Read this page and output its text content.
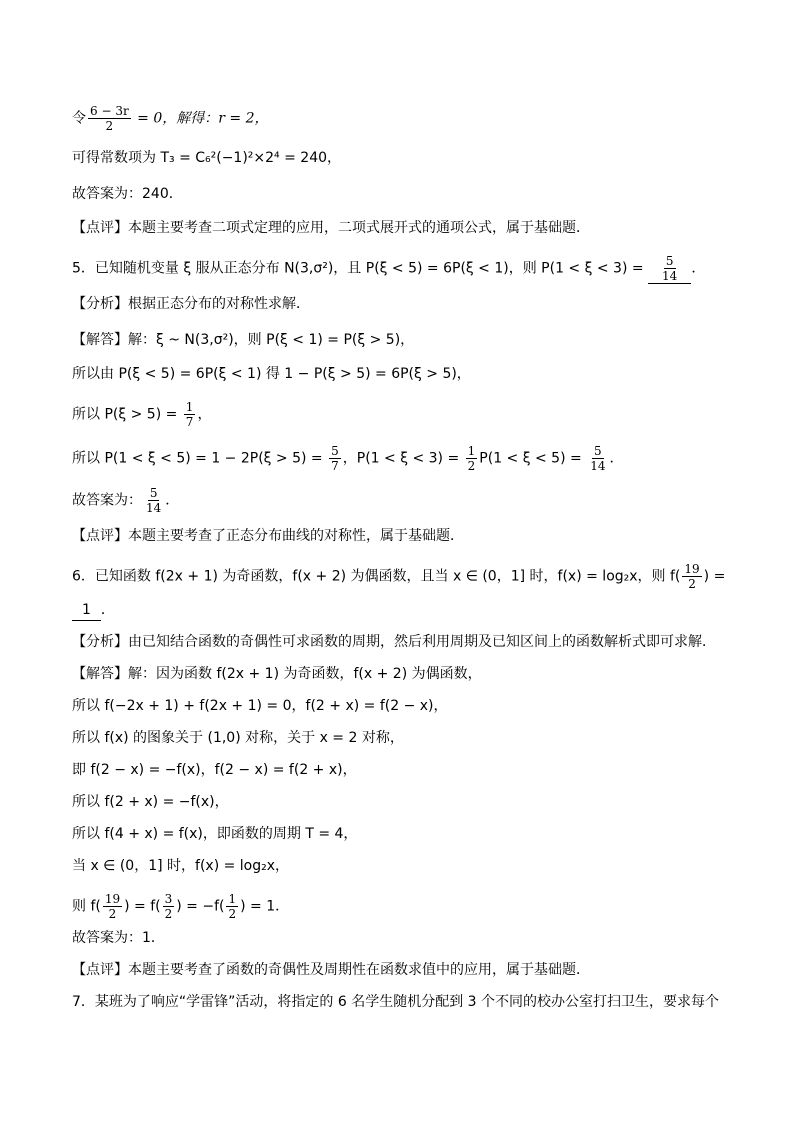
令 $\frac{6 - 3r}{2} = 0$，解得：r = 2，
可得常数项为 T₃ = C₆²(−1)²×2⁴ = 240，
故答案为：240．
【点评】本题主要考查二项式定理的应用，二项式展开式的通项公式，属于基础题．
5．已知随机变量 ξ 服从正态分布 N(3,σ²)，且 P(ξ < 5) = 6P(ξ < 1)，则 $P(1 < \xi < 3) = \frac{5}{14}$ ．
【分析】根据正态分布的对称性求解．
【解答】解：ξ ~ N(3,σ²)，则 P(ξ < 1) = P(ξ > 5)，
所以由 P(ξ < 5) = 6P(ξ < 1) 得 1 − P(ξ > 5) = 6P(ξ > 5)，
所以 $P(\xi > 5) = \frac{1}{7}$ ，
所以 $P(1 < \xi < 5) = 1 - 2P(\xi > 5) = \frac{5}{7}$ ，$P(1 < \xi < 3) = \frac{1}{2} P(1 < \xi < 5) = \frac{5}{14}$ ．
故答案为： $\frac{5}{14}$ ．
【点评】本题主要考查了正态分布曲线的对称性，属于基础题．
6．已知函数 f(2x + 1) 为奇函数，f(x + 2) 为偶函数，且当 x ∈ (0，1] 时，f(x) = log₂x，则 $f( \frac{19}{2}$ ) =
1 ．
【分析】由已知结合函数的奇偶性可求函数的周期，然后利用周期及已知区间上的函数解析式即可求解．
【解答】解：因为函数 f(2x + 1) 为奇函数，f(x + 2) 为偶函数，
所以 f(−2x + 1) + f(2x + 1) = 0，f(2 + x) = f(2 − x)，
所以 f(x) 的图象关于 (1,0) 对称，关于 x = 2 对称，
即 f(2 − x) = −f(x)，f(2 − x) = f(2 + x)，
所以 f(2 + x) = −f(x)，
所以 f(4 + x) = f(x)，即函数的周期 T = 4，
当 x ∈ (0，1] 时，f(x) = log₂x，
则 $f( \frac{19}{2}$ ) = $f( \frac{3}{2}$ ) = $-f( \frac{1}{2}$ ) = 1．
故答案为：1．
【点评】本题主要考查了函数的奇偶性及周期性在函数求值中的应用，属于基础题．
7．某班为了响应“学雷锋”活动，将指定的 6 名学生随机分配到 3 个不同的校办公室打扫卫生，要求每个
